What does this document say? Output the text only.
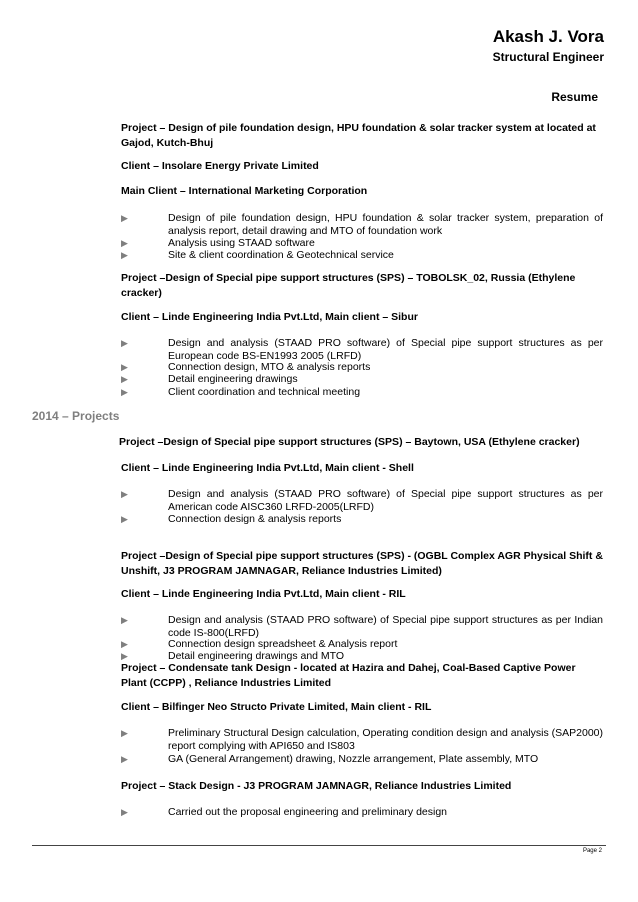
Akash J. Vora
Structural Engineer
Resume
Project – Design of pile foundation design, HPU foundation & solar tracker system at located at Gajod, Kutch-Bhuj
Client – Insolare Energy Private Limited
Main Client – International Marketing Corporation
▶	Design of pile foundation design, HPU foundation & solar tracker system, preparation of analysis report, detail drawing and MTO of foundation work
▶	Analysis using STAAD software
▶	Site & client coordination & Geotechnical service
Project –Design of Special pipe support structures (SPS) – TOBOLSK_02, Russia (Ethylene cracker)
Client – Linde Engineering India Pvt.Ltd, Main client – Sibur
▶	Design and analysis (STAAD PRO software) of Special pipe support structures as per European code BS-EN1993 2005 (LRFD)
▶	Connection design, MTO & analysis reports
▶	Detail engineering drawings
▶	Client coordination and technical meeting
2014 – Projects
Project –Design of Special pipe support structures (SPS) – Baytown, USA (Ethylene cracker)
Client – Linde Engineering India Pvt.Ltd, Main client - Shell
▶	Design and analysis (STAAD PRO software) of Special pipe support structures as per American code AISC360 LRFD-2005(LRFD)
▶	Connection design & analysis reports
Project –Design of Special pipe support structures (SPS) - (OGBL Complex AGR Physical Shift & Unshift, J3 PROGRAM JAMNAGAR, Reliance Industries Limited)
Client – Linde Engineering India Pvt.Ltd, Main client - RIL
▶	Design and analysis (STAAD PRO software) of Special pipe support structures as per Indian code IS-800(LRFD)
▶	Connection design spreadsheet & Analysis report
▶	Detail engineering drawings and MTO
Project – Condensate tank Design - located at Hazira and Dahej, Coal-Based Captive Power Plant (CCPP) , Reliance Industries Limited
Client – Bilfinger Neo Structo Private Limited, Main client - RIL
▶	Preliminary Structural Design calculation, Operating condition design and analysis (SAP2000) report complying with API650 and IS803
▶	GA (General Arrangement) drawing, Nozzle arrangement, Plate assembly, MTO
Project – Stack Design - J3 PROGRAM JAMNAGR, Reliance Industries Limited
▶	Carried out the proposal engineering and preliminary design
Page 2
